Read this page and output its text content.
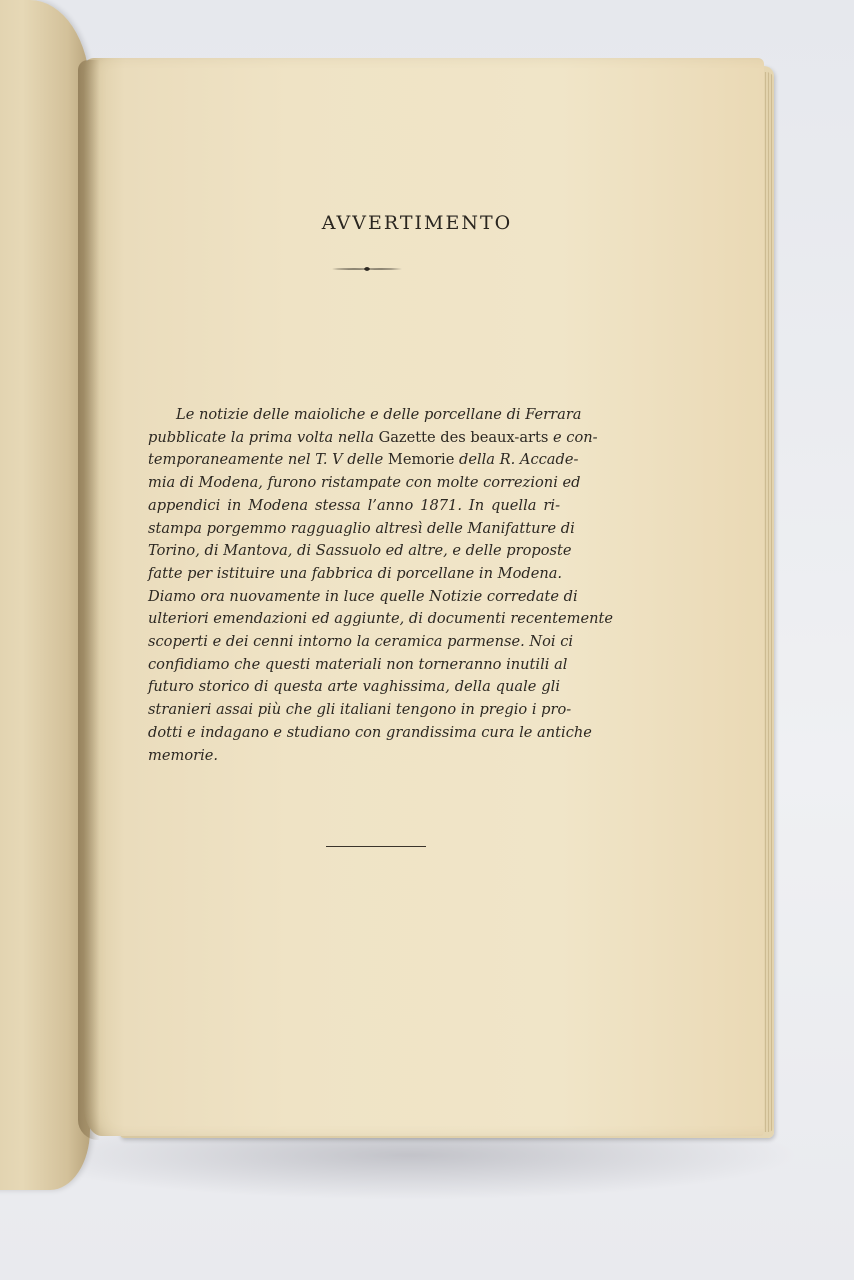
AVVERTIMENTO
Le notizie delle maioliche e delle porcellane di Ferrara
pubblicate la prima volta nella Gazette des beaux-arts e con-
temporaneamente nel T. V delle Memorie della R. Accade-
mia di Modena, furono ristampate con molte correzioni ed
appendici in Modena stessa l’anno 1871. In quella ri-
stampa porgemmo ragguaglio altresì delle Manifatture di
Torino, di Mantova, di Sassuolo ed altre, e delle proposte
fatte per istituire una fabbrica di porcellane in Modena.
Diamo ora nuovamente in luce quelle Notizie corredate di
ulteriori emendazioni ed aggiunte, di documenti recentemente
scoperti e dei cenni intorno la ceramica parmense. Noi ci
confidiamo che questi materiali non torneranno inutili al
futuro storico di questa arte vaghissima, della quale gli
stranieri assai più che gli italiani tengono in pregio i pro-
dotti e indagano e studiano con grandissima cura le antiche
memorie.
